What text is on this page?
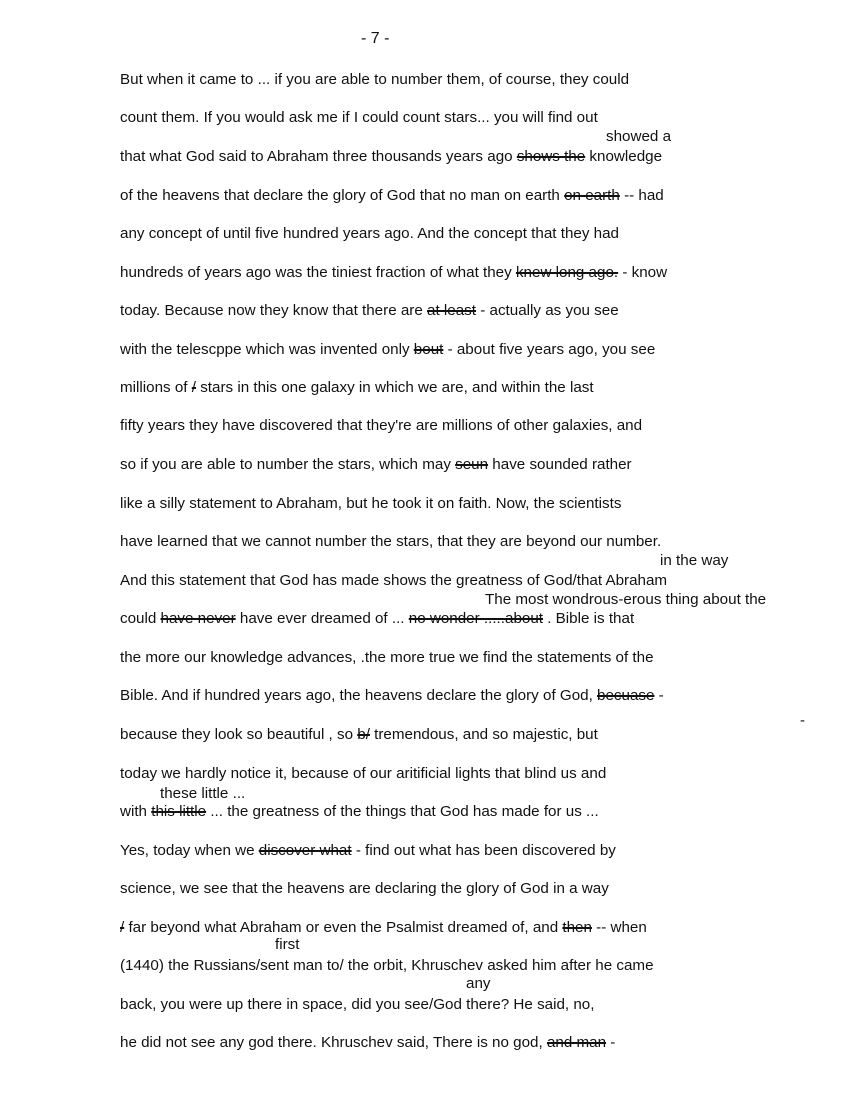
- 7 -
showed a
in the way
The most wondrous-erous thing about the
these little ...
first
any
-
But when it came to ... if you are able to number them, of course, they could
count them. If you would ask me if I could count stars... you will find out
that what God said to Abraham three thousands years ago shows the knowledge
of the heavens that declare the glory of God that no man on earth on earth -- had
any concept of until five hundred years ago. And the concept that they had
hundreds of years ago was the tiniest fraction of what they knew long ago. - know
today. Because now they know that there are at least - actually as you see
with the telescppe which was invented only bout - about five years ago, you see
millions of / stars in this one galaxy in which we are, and within the last
fifty years they have discovered that they're are millions of other galaxies, and
so if you are able to number the stars, which may seun have sounded rather
like a silly statement to Abraham, but he took it on faith. Now, the scientists
have learned that we cannot number the stars, that they are beyond our number.
And this statement that God has made shows the greatness of God/that Abraham
could have never have ever dreamed of ... no wonder .....about . Bible is that
the more our knowledge advances, .the more true we find the statements of the
Bible. And if hundred years ago, the heavens declare the glory of God, becuase -
because they look so beautiful , so b/ tremendous, and so majestic, but
today we hardly notice it, because of our aritificial lights that blind us and
with this little ... the greatness of the things that God has made for us ...
Yes, today when we discover what - find out what has been discovered by
science, we see that the heavens are declaring the glory of God in a way
/ far beyond what Abraham or even the Psalmist dreamed of, and then -- when
(1440) the Russians/sent man to/ the orbit, Khruschev asked him after he came
back, you were up there in space, did you see/God there? He said, no,
he did not see any god there. Khruschev said, There is no god, and man -
